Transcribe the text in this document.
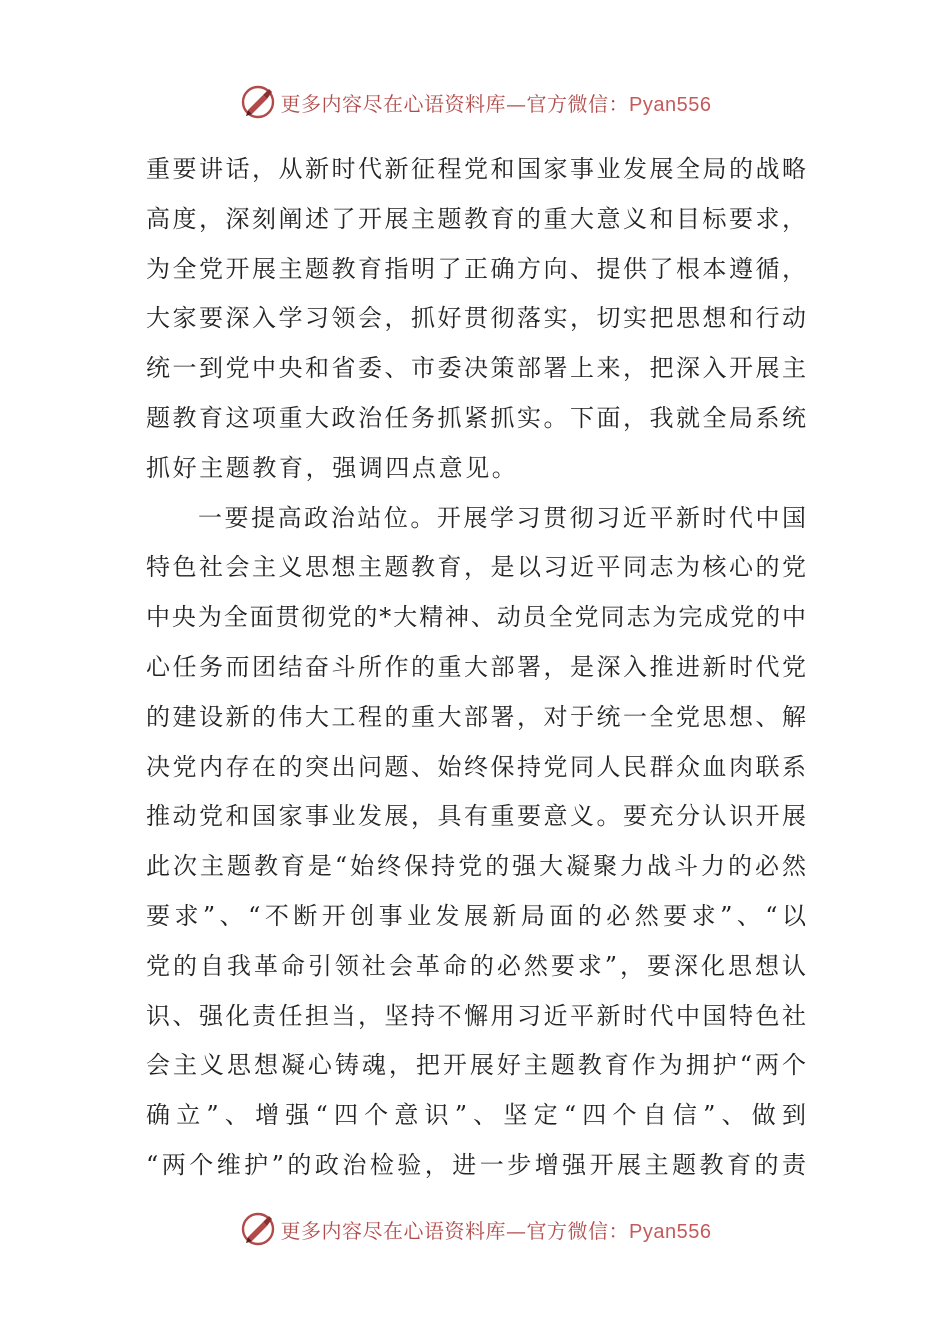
更多内容尽在心语资料库—官方微信：Pyan556
重要讲话，从新时代新征程党和国家事业发展全局的战略
高度，深刻阐述了开展主题教育的重大意义和目标要求，
为全党开展主题教育指明了正确方向、提供了根本遵循，
大家要深入学习领会，抓好贯彻落实，切实把思想和行动
统一到党中央和省委、市委决策部署上来，把深入开展主
题教育这项重大政治任务抓紧抓实。下面，我就全局系统
抓好主题教育，强调四点意见。
一要提高政治站位。开展学习贯彻习近平新时代中国
特色社会主义思想主题教育，是以习近平同志为核心的党
中央为全面贯彻党的*大精神、动员全党同志为完成党的中
心任务而团结奋斗所作的重大部署，是深入推进新时代党
的建设新的伟大工程的重大部署，对于统一全党思想、解
决党内存在的突出问题、始终保持党同人民群众血肉联系
推动党和国家事业发展，具有重要意义。要充分认识开展
此次主题教育是“始终保持党的强大凝聚力战斗力的必然
要求”、“不断开创事业发展新局面的必然要求”、“以
党的自我革命引领社会革命的必然要求”，要深化思想认
识、强化责任担当，坚持不懈用习近平新时代中国特色社
会主义思想凝心铸魂，把开展好主题教育作为拥护“两个
确立”、增强“四个意识”、坚定“四个自信”、做到
“两个维护”的政治检验，进一步增强开展主题教育的责
更多内容尽在心语资料库—官方微信：Pyan556
